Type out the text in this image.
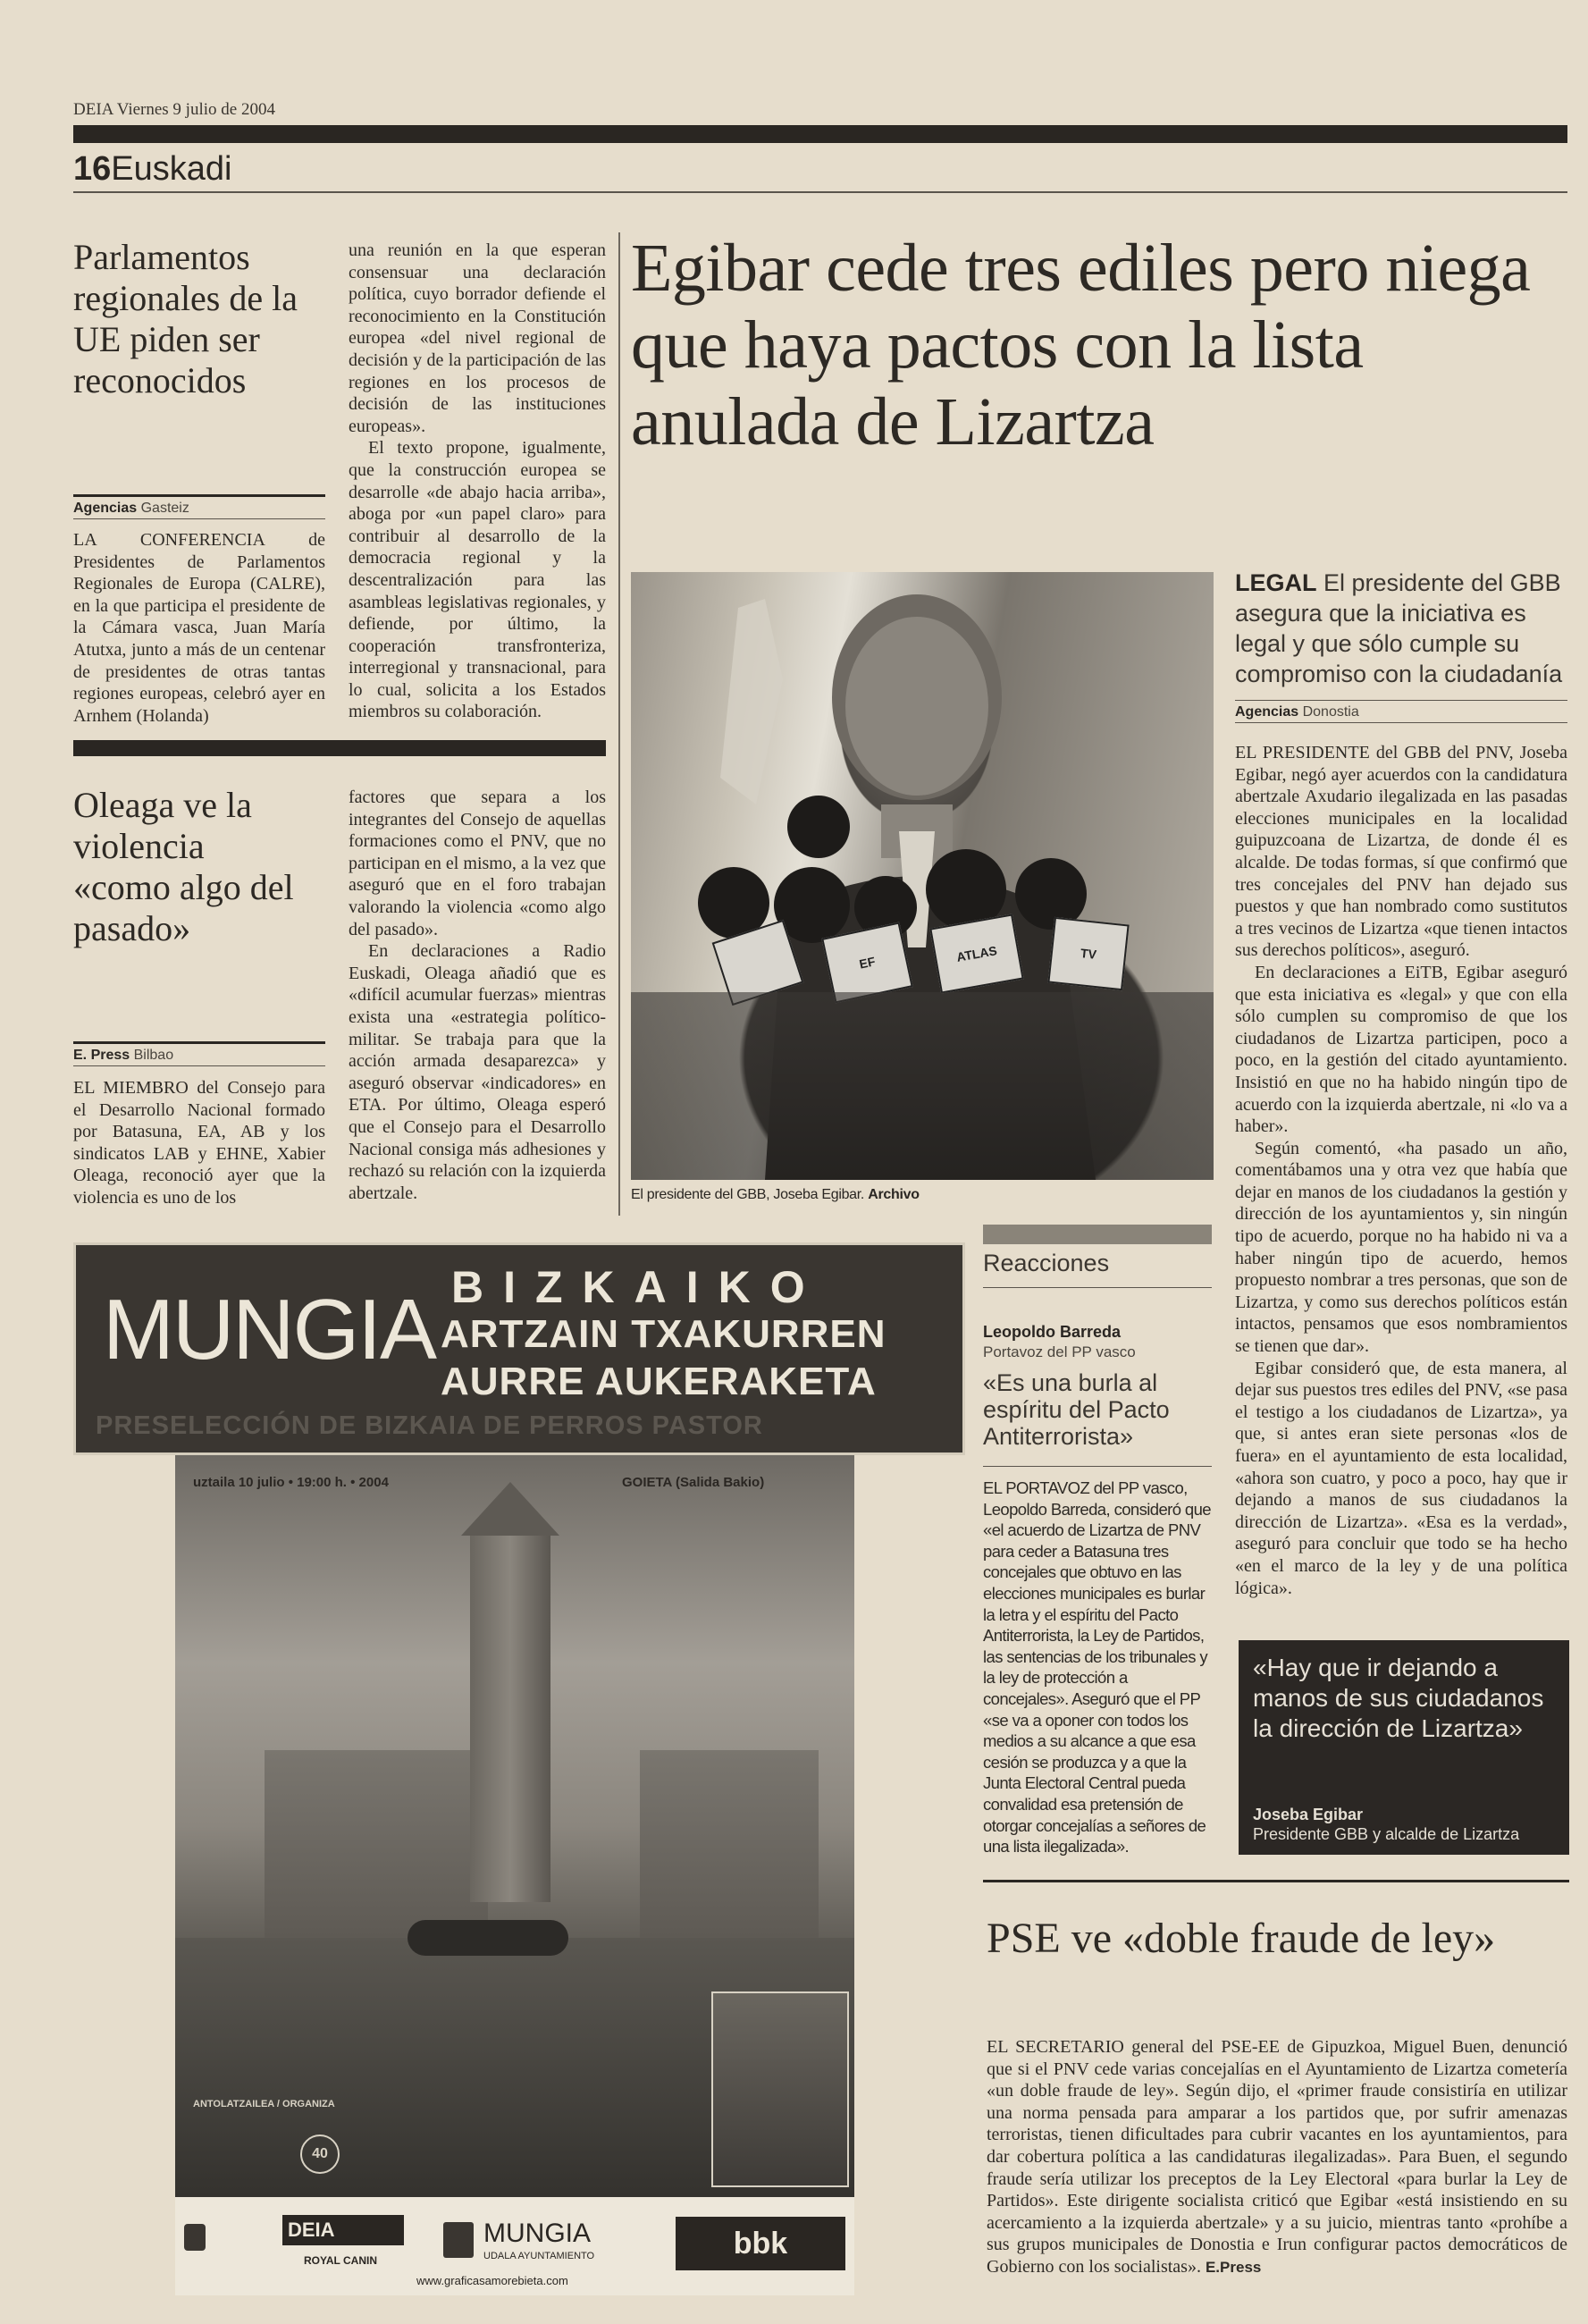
DEIA Viernes 9 julio de 2004
16Euskadi
Parlamentos regionales de la UE piden ser reconocidos
Agencias Gasteiz

LA CONFERENCIA de Presidentes de Parlamentos Regionales de Europa (CALRE), en la que participa el presidente de la Cámara vasca, Juan María Atutxa, junto a más de un centenar de presidentes de otras tantas regiones europeas, celebró ayer en Arnhem (Holanda)

una reunión en la que esperan consensuar una declaración política, cuyo borrador defiende el reconocimiento en la Constitución europea «del nivel regional de decisión y de la participación de las regiones en los procesos de decisión de las instituciones europeas».

El texto propone, igualmente, que la construcción europea se desarrolle «de abajo hacia arriba», aboga por «un papel claro» para contribuir al desarrollo de la democracia regional y la descentralización para las asambleas legislativas regionales, y defiende, por último, la cooperación transfronteriza, interregional y transnacional, para lo cual, solicita a los Estados miembros su colaboración.

Oleaga ve la violencia «como algo del pasado»
E. Press Bilbao

EL MIEMBRO del Consejo para el Desarrollo Nacional formado por Batasuna, EA, AB y los sindicatos LAB y EHNE, Xabier Oleaga, reconoció ayer que la violencia es uno de los

factores que separa a los integrantes del Consejo de aquellas formaciones como el PNV, que no participan en el mismo, a la vez que aseguró que en el foro trabajan valorando la violencia «como algo del pasado».

En declaraciones a Radio Euskadi, Oleaga añadió que es «difícil acumular fuerzas» mientras exista una «estrategia político-militar. Se trabaja para que la acción armada desaparezca» y aseguró observar «indicadores» en ETA. Por último, Oleaga esperó que el Consejo para el Desarrollo Nacional consiga más adhesiones y rechazó su relación con la izquierda abertzale.

Egibar cede tres ediles pero niega que haya pactos con la lista anulada de Lizartza
EF	ATLAS	TV
El presidente del GBB, Joseba Egibar. Archivo
LEGAL El presidente del GBB asegura que la iniciativa es legal y que sólo cumple su compromiso con la ciudadanía
Agencias Donostia

EL PRESIDENTE del GBB del PNV, Joseba Egibar, negó ayer acuerdos con la candidatura abertzale Axudario ilegalizada en las pasadas elecciones municipales en la localidad guipuzcoana de Lizartza, de donde él es alcalde. De todas formas, sí que confirmó que tres concejales del PNV han dejado sus puestos y que han nombrado como sustitutos a tres vecinos de Lizartza «que tienen intactos sus derechos políticos», aseguró.

En declaraciones a EiTB, Egibar aseguró que esta iniciativa es «legal» y que con ella sólo cumplen su compromiso de que los ciudadanos de Lizartza participen, poco a poco, en la gestión del citado ayuntamiento. Insistió en que no ha habido ningún tipo de acuerdo con la izquierda abertzale, ni «lo va a haber».

Según comentó, «ha pasado un año, comentábamos una y otra vez que había que dejar en manos de los ciudadanos la gestión y dirección de los ayuntamientos y, sin ningún tipo de acuerdo, porque no ha habido ni va a haber ningún tipo de acuerdo, hemos propuesto nombrar a tres personas, que son de Lizartza, y como sus derechos políticos están intactos, pensamos que esos nombramientos se tienen que dar».

Egibar consideró que, de esta manera, al dejar sus puestos tres ediles del PNV, «se pasa el testigo a los ciudadanos de Lizartza», ya que, si antes eran siete personas «los de fuera» en el ayuntamiento de esta localidad, «ahora son cuatro, y poco a poco, hay que ir dejando a manos de sus ciudadanos la dirección de Lizartza». «Esa es la verdad», aseguró para concluir que todo se ha hecho «en el marco de la ley y de una política lógica».

Reacciones
Leopoldo Barreda
Portavoz del PP vasco
«Es una burla al espíritu del Pacto Antiterrorista»
EL PORTAVOZ del PP vasco, Leopoldo Barreda, consideró que «el acuerdo de Lizartza de PNV para ceder a Batasuna tres concejales que obtuvo en las elecciones municipales es burlar la letra y el espíritu del Pacto Antiterrorista, la Ley de Partidos, las sentencias de los tribunales y la ley de protección a concejales». Aseguró que el PP «se va a oponer con todos los medios a su alcance a que esa cesión se produzca y a que la Junta Electoral Central pueda convalidad esa pretensión de otorgar concejalías a señores de una lista ilegalizada».
«Hay que ir dejando a manos de sus ciudadanos la dirección de Lizartza»
Joseba Egibar
Presidente GBB y alcalde de Lizartza
PSE ve «doble fraude de ley»

EL SECRETARIO general del PSE-EE de Gipuzkoa, Miguel Buen, denunció que si el PNV cede varias concejalías en el Ayuntamiento de Lizartza cometería «un doble fraude de ley». Según dijo, el «primer fraude consistiría en utilizar una norma pensada para amparar a los partidos que, por sufrir amenazas terroristas, tienen dificultades para cubrir vacantes en los ayuntamientos, para dar cobertura política a las candidaturas ilegalizadas». Para Buen, el segundo fraude sería utilizar los preceptos de la Ley Electoral «para burlar la Ley de Partidos». Este dirigente socialista criticó que Egibar «está insistiendo en su acercamiento a la izquierda abertzale» y a su juicio, mientras tanto «prohíbe a sus grupos municipales de Donostia e Irun configurar pactos democráticos de Gobierno con los socialistas». E.Press

MUNGIA BIZKAIKO
ARTZAIN TXAKURREN
AURRE AUKERAKETA
PRESELECCIÓN DE BIZKAIA DE PERROS PASTOR
uztaila 10 julio • 19:00 h. • 2004	GOIETA (Salida Bakio)
ANTOLATZAILEA / ORGANIZA
40
DEIA
ROYAL CANIN
MUNGIA
UDALA AYUNTAMIENTO	bbk
www.graficasamorebieta.com
